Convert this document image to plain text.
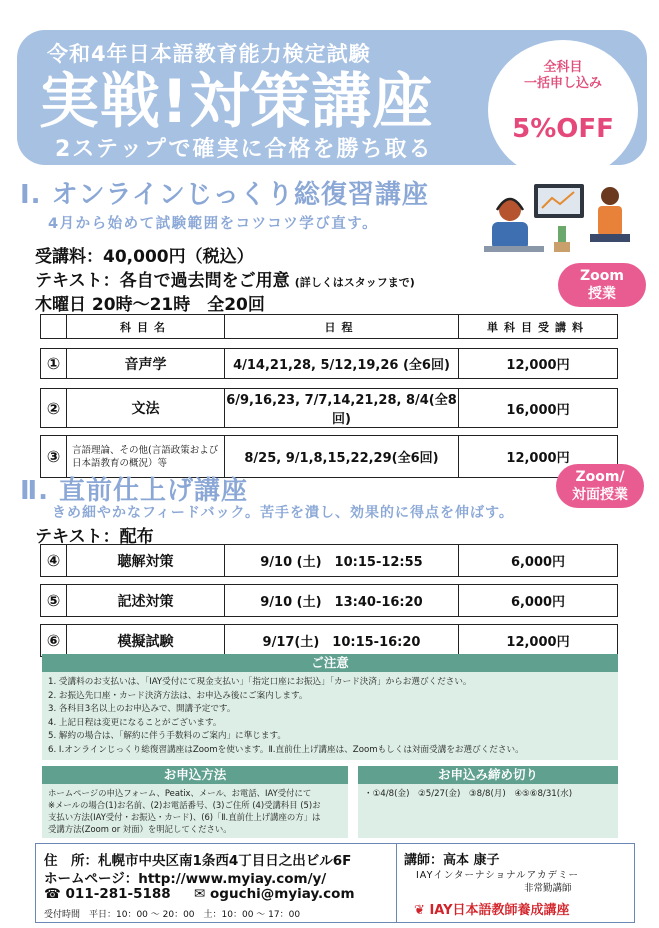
令和4年日本語教育能力検定試験
実戦!対策講座
2ステップで確実に合格を勝ち取る
全科目
一括申し込み
5%OFF
Ⅰ. オンラインじっくり総復習講座
4月から始めて試験範囲をコツコツ学び直す。
受講料：40,000円（税込）
テキスト：各自で過去問をご用意 (詳しくはスタッフまで)
木曜日 20時〜21時　全20回
Zoom
授業
	科目名	日程	単科目受講料

①	音声学	4/14,21,28, 5/12,19,26 (全6回)	12,000円

②	文法	6/9,16,23, 7/7,14,21,28, 8/4(全8回)	16,000円

③	言語理論、その他(言語政策および日本語教育の概況）等	8/25, 9/1,8,15,22,29(全6回)	12,000円
Ⅱ. 直前仕上げ講座	Zoom/
対面授業
きめ細やかなフィードバック。苦手を潰し、効果的に得点を伸ばす。
テキスト：配布
④	聴解対策	9/10 (土)　10:15-12:55	6,000円

⑤	記述対策	9/10 (土)　13:40-16:20	6,000円

⑥	模擬試験	9/17(土)　10:15-16:20	12,000円
ご注意
1. 受講料のお支払いは、「IAY受付にて現金支払い」「指定口座にお振込」「カード決済」からお選びください。
2. お振込先口座・カード決済方法は、お申込み後にご案内します。
3. 各科目3名以上のお申込みで、開講予定です。
4. 上記日程は変更になることがございます。
5. 解約の場合は、「解約に伴う手数料のご案内」に準じます。
6. Ⅰ.オンラインじっくり総復習講座はZoomを使います。Ⅱ.直前仕上げ講座は、Zoomもしくは対面受講をお選びください。
お申込方法
ホームページの申込フォーム、Peatix、メール、お電話、IAY受付にて
※メールの場合(1)お名前、(2)お電話番号、(3)ご住所 (4)受講科目 (5)お
支払い方法(IAY受付・お振込・カード)、(6)「Ⅱ.直前仕上げ講座の方」は
受講方法(Zoom or 対面）を明記してください。
お申込み締め切り
・①4/8(金)　②5/27(金)　③8/8(月)　④⑤⑥8/31(水)
住　所：札幌市中央区南1条西4丁目日之出ビル6F
ホームページ：http://www.myiay.com/y/
☎ 011-281-5188 ✉ oguchi@myiay.com
受付時間　平日：10：00 〜 20：00　土：10：00 〜 17：00
講師：高本 康子
IAYインターナショナルアカデミー
非常勤講師
❦ IAY日本語教師養成講座
